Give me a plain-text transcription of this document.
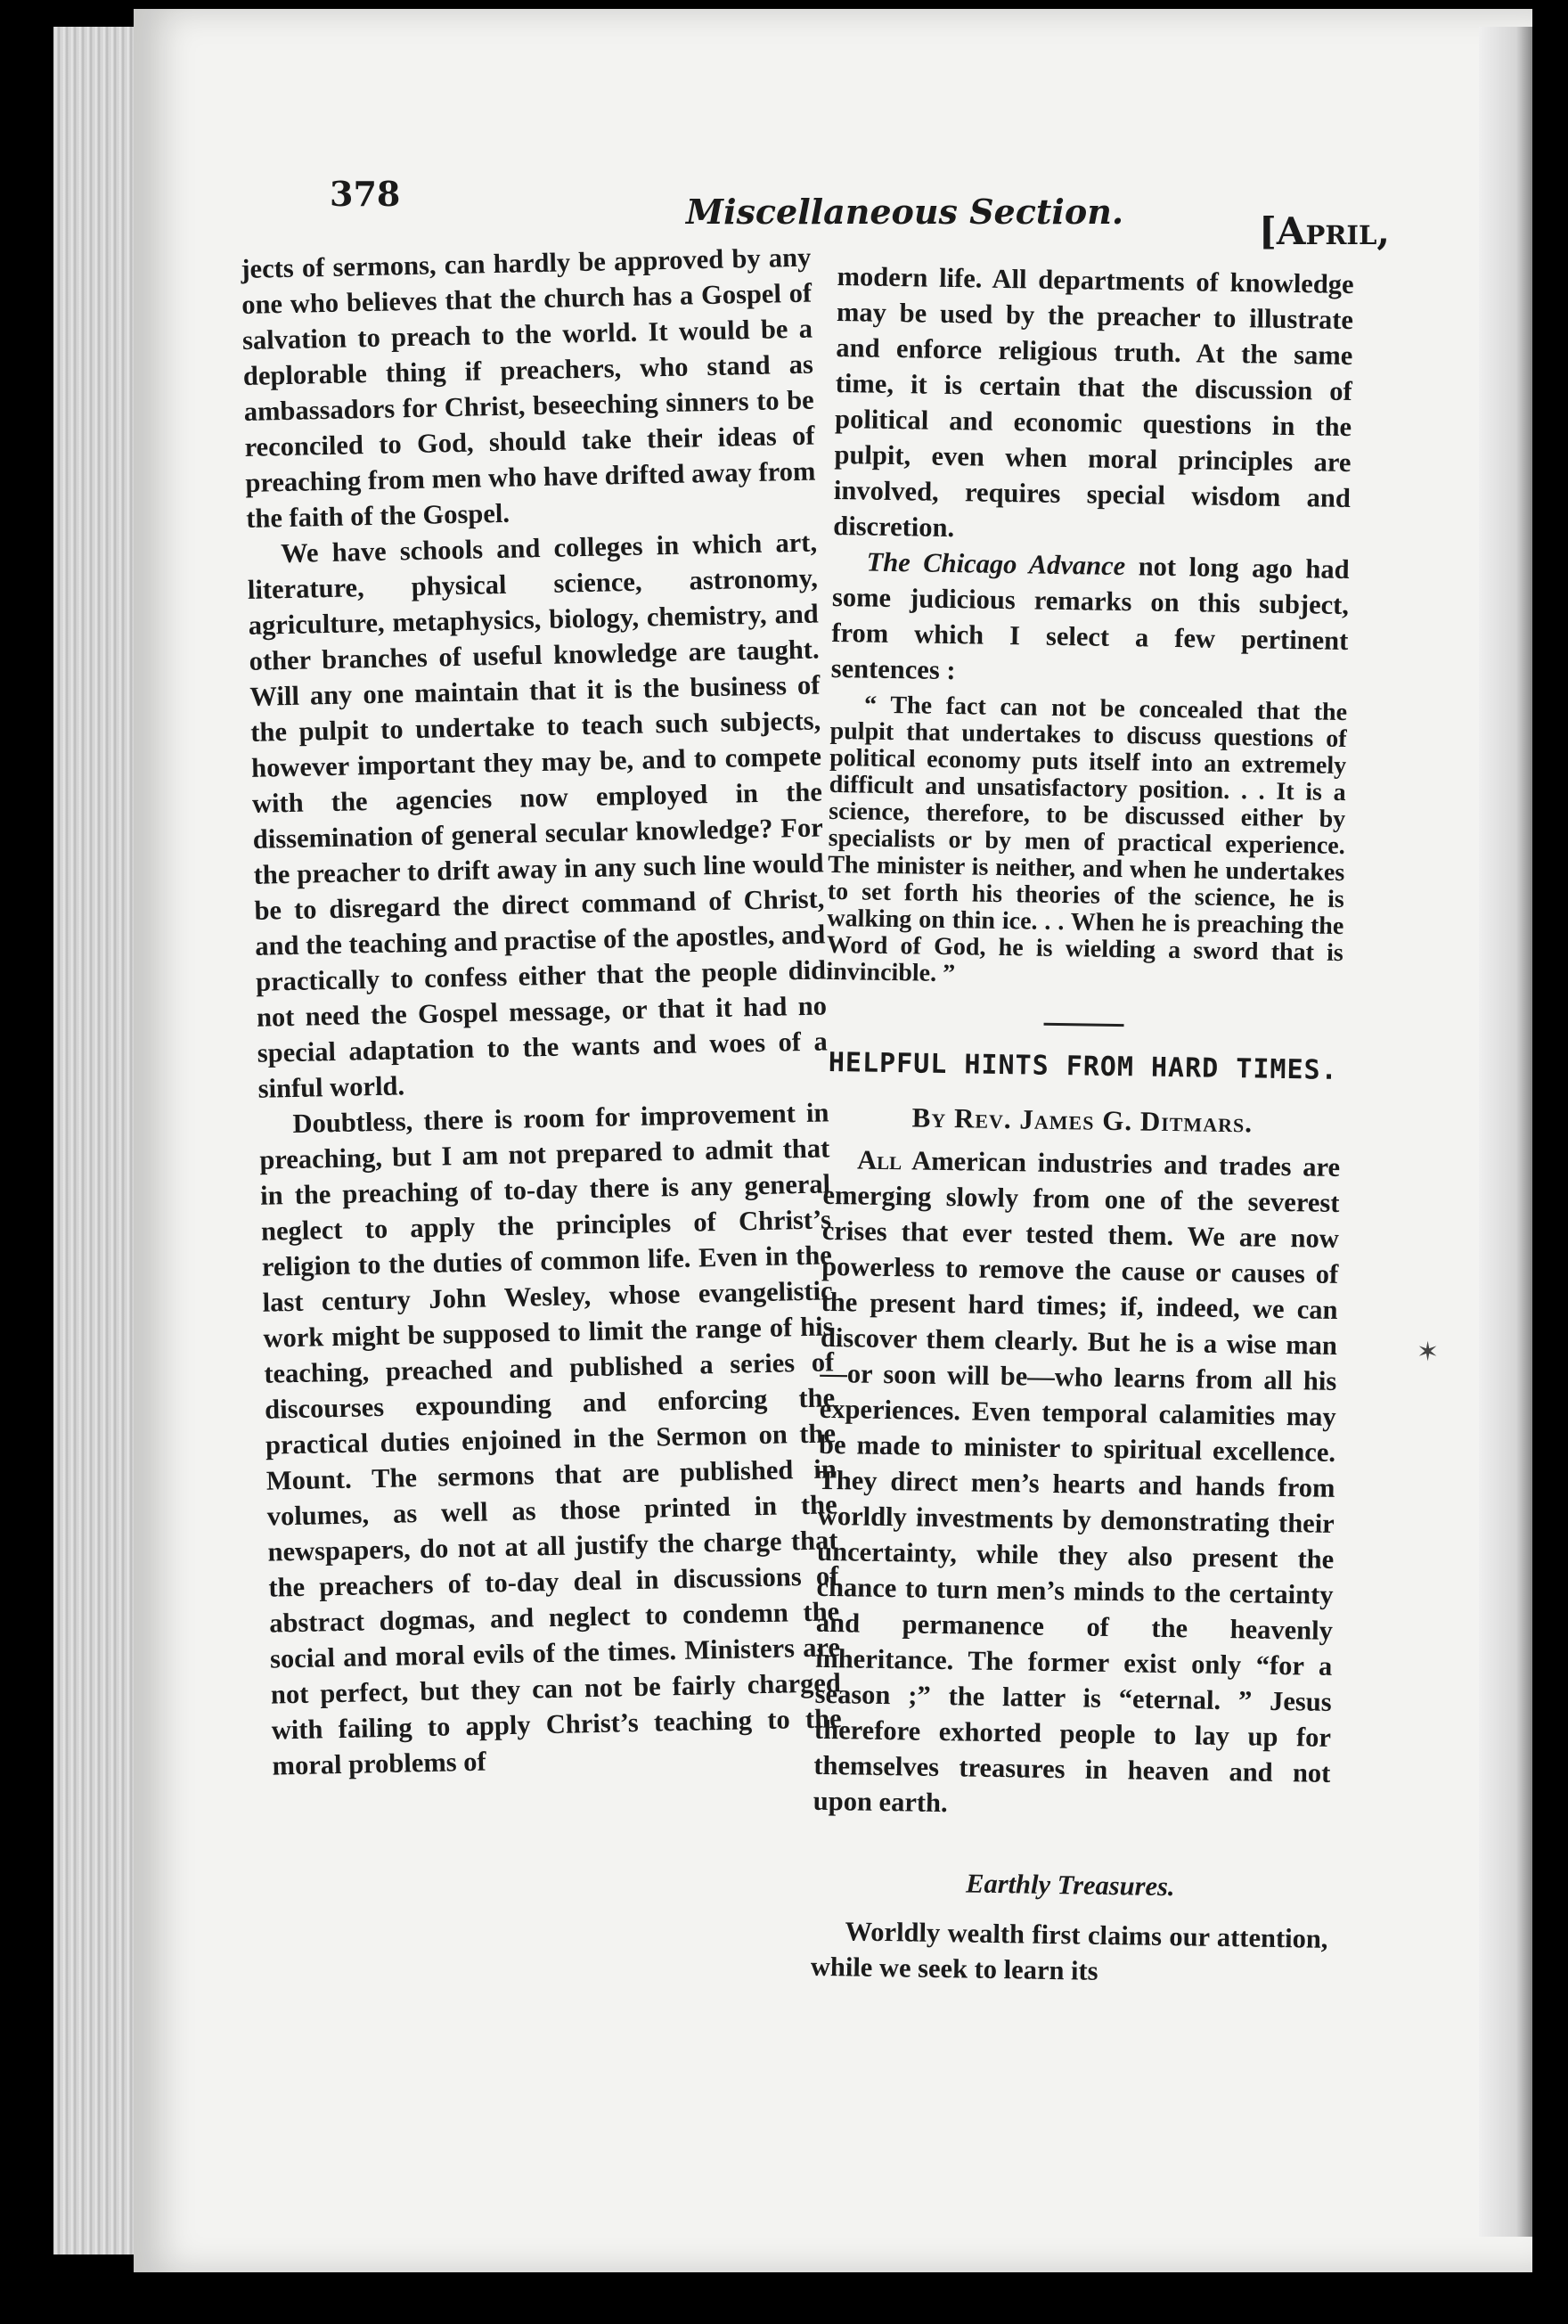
378	Miscellaneous Section.	[April,

jects of sermons, can hardly be approved by any one who believes that the church has a Gospel of salvation to preach to the world. It would be a deplorable thing if preachers, who stand as ambassadors for Christ, beseeching sinners to be reconciled to God, should take their ideas of preaching from men who have drifted away from the faith of the Gospel.

We have schools and colleges in which art, literature, physical science, astronomy, agriculture, metaphysics, biology, chemistry, and other branches of useful knowledge are taught. Will any one maintain that it is the business of the pulpit to undertake to teach such subjects, however important they may be, and to compete with the agencies now employed in the dissemination of general secular knowledge? For the preacher to drift away in any such line would be to disregard the direct command of Christ, and the teaching and practise of the apostles, and practically to confess either that the people did not need the Gospel message, or that it had no special adaptation to the wants and woes of a sinful world.

Doubtless, there is room for improvement in preaching, but I am not prepared to admit that in the preaching of to-day there is any general neglect to apply the principles of Christ’s religion to the duties of common life. Even in the last century John Wesley, whose evangelistic work might be supposed to limit the range of his teaching, preached and published a series of discourses expounding and enforcing the practical duties enjoined in the Sermon on the Mount. The sermons that are published in volumes, as well as those printed in the newspapers, do not at all justify the charge that the preachers of to-day deal in discussions of abstract dogmas, and neglect to condemn the social and moral evils of the times. Ministers are not perfect, but they can not be fairly charged with failing to apply Christ’s teaching to the moral problems of

modern life. All departments of knowledge may be used by the preacher to illustrate and enforce religious truth. At the same time, it is certain that the discussion of political and economic questions in the pulpit, even when moral principles are involved, requires special wisdom and discretion.

The Chicago Advance not long ago had some judicious remarks on this subject, from which I select a few pertinent sentences :

“ The fact can not be concealed that the pulpit that undertakes to discuss questions of political economy puts itself into an extremely difficult and unsatisfactory position. . . It is a science, therefore, to be discussed either by specialists or by men of practical experience. The minister is neither, and when he undertakes to set forth his theories of the science, he is walking on thin ice. . . When he is preaching the Word of God, he is wielding a sword that is invincible. ”

HELPFUL HINTS FROM HARD TIMES.

By Rev. James G. Ditmars.

All American industries and trades are emerging slowly from one of the severest crises that ever tested them. We are now powerless to remove the cause or causes of the present hard times; if, indeed, we can discover them clearly. But he is a wise man—or soon will be—who learns from all his experiences. Even temporal calamities may be made to minister to spiritual excellence. They direct men’s hearts and hands from worldly investments by demonstrating their uncertainty, while they also present the chance to turn men’s minds to the certainty and permanence of the heavenly inheritance. The former exist only “for a season ;” the latter is “eternal. ” Jesus therefore exhorted people to lay up for themselves treasures in heaven and not upon earth.

Earthly Treasures.

Worldly wealth first claims our attention, while we seek to learn its

✶
